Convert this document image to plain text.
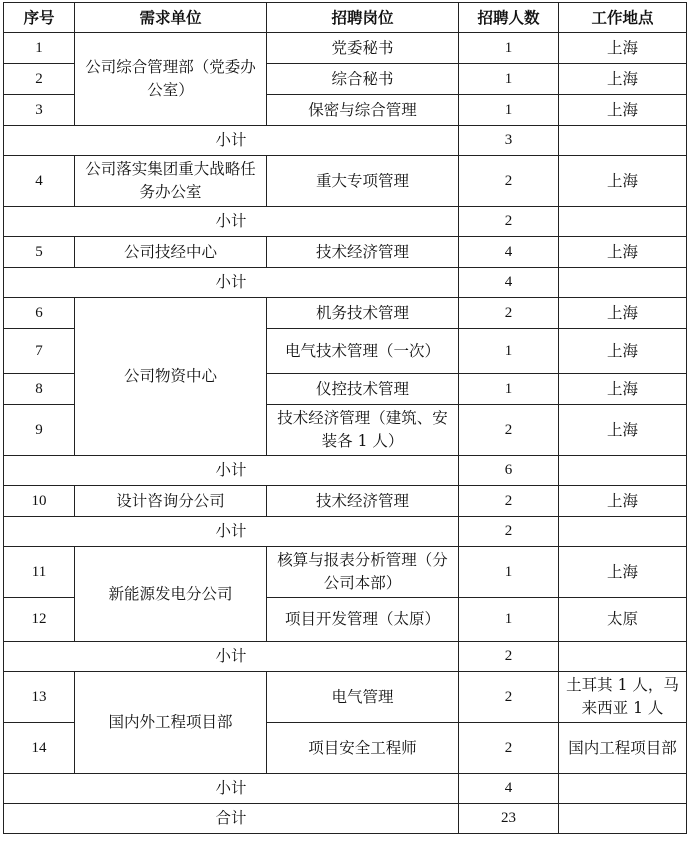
序号	需求单位	招聘岗位	招聘人数	工作地点
1	公司综合管理部（党委办公室）	党委秘书	1	上海
2		综合秘书	1	上海
3		保密与综合管理	1	上海
小计			3	
4	公司落实集团重大战略任务办公室	重大专项管理	2	上海
小计			2	
5	公司技经中心	技术经济管理	4	上海
小计			4	
6	公司物资中心	机务技术管理	2	上海
7		电气技术管理（一次）	1	上海
8		仪控技术管理	1	上海
9		技术经济管理（建筑、安装各 1 人）	2	上海
小计			6	
10	设计咨询分公司	技术经济管理	2	上海
小计			2	
11	新能源发电分公司	核算与报表分析管理（分公司本部）	1	上海
12		项目开发管理（太原）	1	太原
小计			2	
13	国内外工程项目部	电气管理	2	土耳其 1 人，马来西亚 1 人
14		项目安全工程师	2	国内工程项目部
小计			4	
合计			23	
